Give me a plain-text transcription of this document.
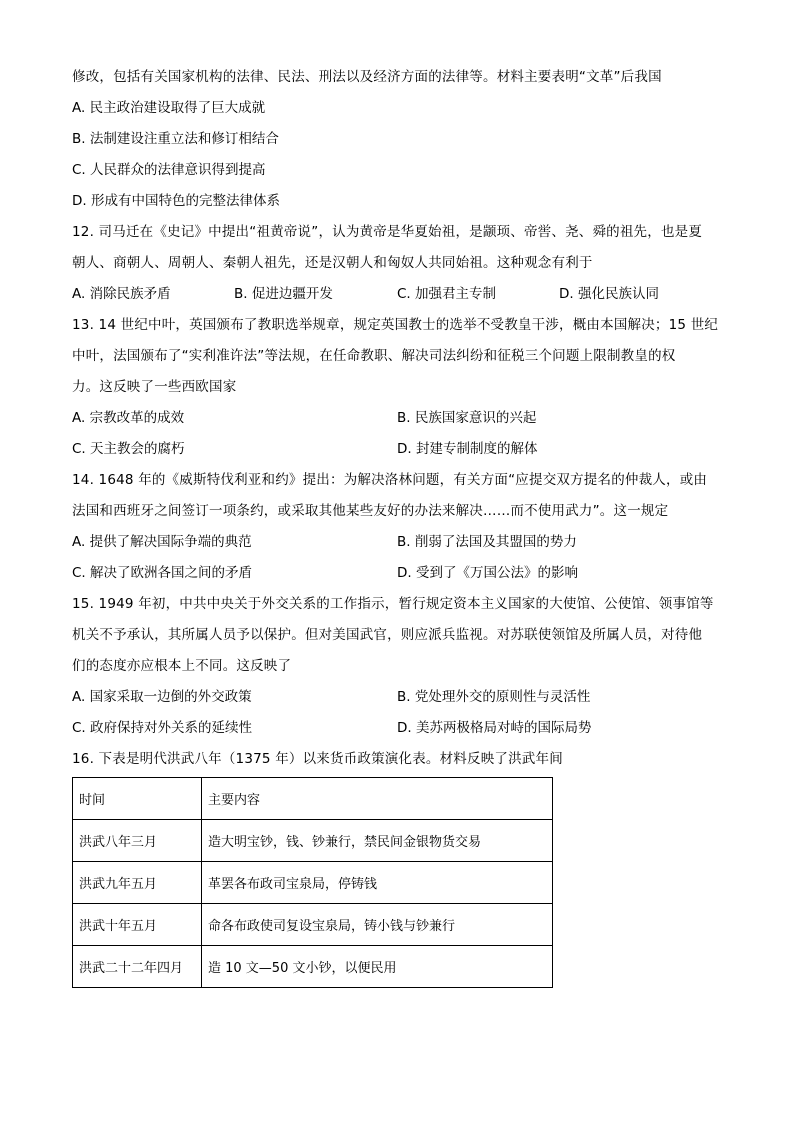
修改，包括有关国家机构的法律、民法、刑法以及经济方面的法律等。材料主要表明“文革”后我国
A. 民主政治建设取得了巨大成就
B. 法制建设注重立法和修订相结合
C. 人民群众的法律意识得到提高
D. 形成有中国特色的完整法律体系
12. 司马迁在《史记》中提出“祖黄帝说”，认为黄帝是华夏始祖，是颛顼、帝喾、尧、舜的祖先，也是夏
朝人、商朝人、周朝人、秦朝人祖先，还是汉朝人和匈奴人共同始祖。这种观念有利于
A. 消除民族矛盾	B. 促进边疆开发	C. 加强君主专制	D. 强化民族认同
13. 14 世纪中叶，英国颁布了教职选举规章，规定英国教士的选举不受教皇干涉，概由本国解决；15 世纪
中叶，法国颁布了“实利准许法”等法规，在任命教职、解决司法纠纷和征税三个问题上限制教皇的权
力。这反映了一些西欧国家
A. 宗教改革的成效	B. 民族国家意识的兴起
C. 天主教会的腐朽	D. 封建专制制度的解体
14. 1648 年的《威斯特伐利亚和约》提出：为解决洛林问题，有关方面“应提交双方提名的仲裁人，或由
法国和西班牙之间签订一项条约，或采取其他某些友好的办法来解决……而不使用武力”。这一规定
A. 提供了解决国际争端的典范	B. 削弱了法国及其盟国的势力
C. 解决了欧洲各国之间的矛盾	D. 受到了《万国公法》的影响
15. 1949 年初，中共中央关于外交关系的工作指示，暂行规定资本主义国家的大使馆、公使馆、领事馆等
机关不予承认，其所属人员予以保护。但对美国武官，则应派兵监视。对苏联使领馆及所属人员，对待他
们的态度亦应根本上不同。这反映了
A. 国家采取一边倒的外交政策	B. 党处理外交的原则性与灵活性
C. 政府保持对外关系的延续性	D. 美苏两极格局对峙的国际局势
16. 下表是明代洪武八年（1375 年）以来货币政策演化表。材料反映了洪武年间
时间	主要内容
洪武八年三月	造大明宝钞，钱、钞兼行，禁民间金银物货交易
洪武九年五月	革罢各布政司宝泉局，停铸钱
洪武十年五月	命各布政使司复设宝泉局，铸小钱与钞兼行
洪武二十二年四月	造 10 文—50 文小钞，以便民用
